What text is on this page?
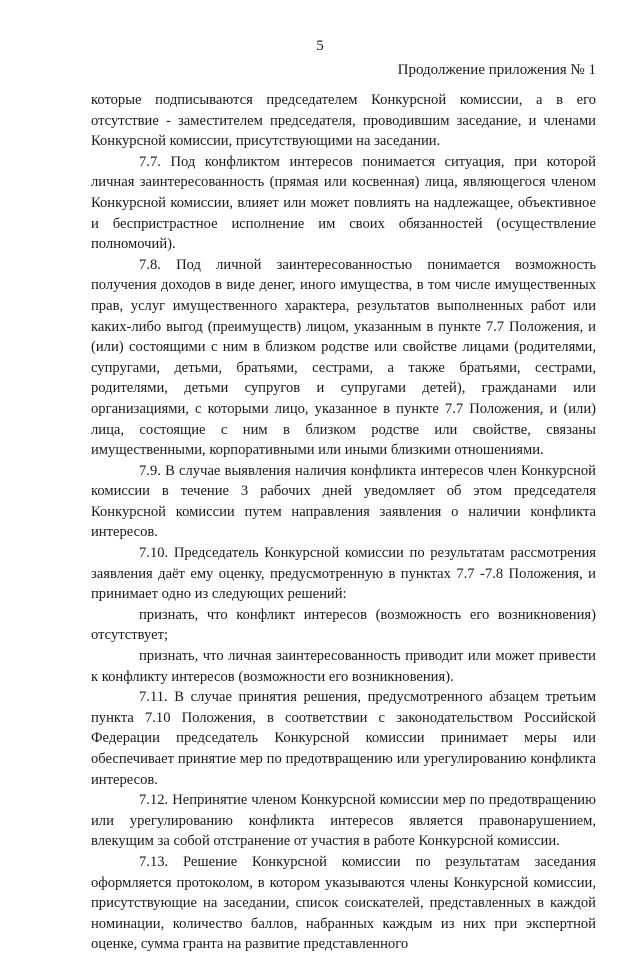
5
Продолжение приложения № 1

которые подписываются председателем Конкурсной комиссии, а в его отсутствие - заместителем председателя, проводившим заседание, и членами Конкурсной комиссии, присутствующими на заседании.

7.7. Под конфликтом интересов понимается ситуация, при которой личная заинтересованность (прямая или косвенная) лица, являющегося членом Конкурсной комиссии, влияет или может повлиять на надлежащее, объективное и беспристрастное исполнение им своих обязанностей (осуществление полномочий).

7.8. Под личной заинтересованностью понимается возможность получения доходов в виде денег, иного имущества, в том числе имущественных прав, услуг имущественного характера, результатов выполненных работ или каких-либо выгод (преимуществ) лицом, указанным в пункте 7.7 Положения, и (или) состоящими с ним в близком родстве или свойстве лицами (родителями, супругами, детьми, братьями, сестрами, а также братьями, сестрами, родителями, детьми супругов и супругами детей), гражданами или организациями, с которыми лицо, указанное в пункте 7.7 Положения, и (или) лица, состоящие с ним в близком родстве или свойстве, связаны имущественными, корпоративными или иными близкими отношениями.

7.9. В случае выявления наличия конфликта интересов член Конкурсной комиссии в течение 3 рабочих дней уведомляет об этом председателя Конкурсной комиссии путем направления заявления о наличии конфликта интересов.

7.10. Председатель Конкурсной комиссии по результатам рассмотрения заявления даёт ему оценку, предусмотренную в пунктах 7.7 -7.8 Положения, и принимает одно из следующих решений:

признать, что конфликт интересов (возможность его возникновения) отсутствует;

признать, что личная заинтересованность приводит или может привести к конфликту интересов (возможности его возникновения).

7.11. В случае принятия решения, предусмотренного абзацем третьим пункта 7.10 Положения, в соответствии с законодательством Российской Федерации председатель Конкурсной комиссии принимает меры или обеспечивает принятие мер по предотвращению или урегулированию конфликта интересов.

7.12. Непринятие членом Конкурсной комиссии мер по предотвращению или урегулированию конфликта интересов является правонарушением, влекущим за собой отстранение от участия в работе Конкурсной комиссии.

7.13. Решение Конкурсной комиссии по результатам заседания оформляется протоколом, в котором указываются члены Конкурсной комиссии, присутствующие на заседании, список соискателей, представленных в каждой номинации, количество баллов, набранных каждым из них при экспертной оценке, сумма гранта на развитие представленного
